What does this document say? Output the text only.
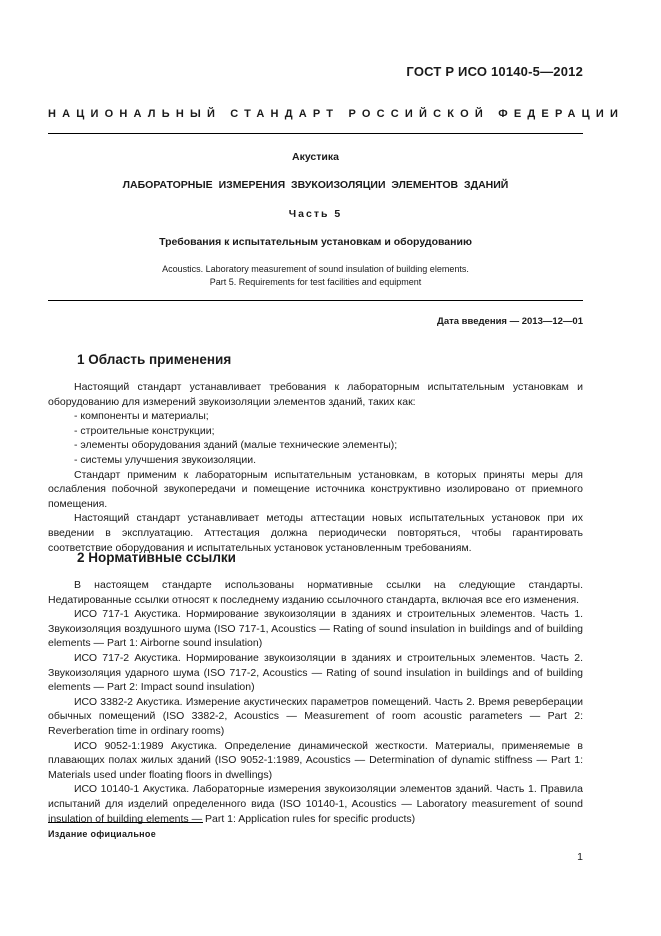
ГОСТ Р ИСО 10140-5—2012
НАЦИОНАЛЬНЫЙ СТАНДАРТ РОССИЙСКОЙ ФЕДЕРАЦИИ
Акустика
ЛАБОРАТОРНЫЕ ИЗМЕРЕНИЯ ЗВУКОИЗОЛЯЦИИ ЭЛЕМЕНТОВ ЗДАНИЙ
Часть 5
Требования к испытательным установкам и оборудованию
Acoustics. Laboratory measurement of sound insulation of building elements.
Part 5. Requirements for test facilities and equipment
Дата введения — 2013—12—01
1 Область применения

Настоящий стандарт устанавливает требования к лабораторным испытательным установкам и оборудованию для измерений звукоизоляции элементов зданий, таких как:

- компоненты и материалы;

- строительные конструкции;

- элементы оборудования зданий (малые технические элементы);

- системы улучшения звукоизоляции.

Стандарт применим к лабораторным испытательным установкам, в которых приняты меры для ослабления побочной звукопередачи и помещение источника конструктивно изолировано от приемного помещения.

Настоящий стандарт устанавливает методы аттестации новых испытательных установок при их введении в эксплуатацию. Аттестация должна периодически повторяться, чтобы гарантировать соответствие оборудования и испытательных установок установленным требованиям.

2 Нормативные ссылки

В настоящем стандарте использованы нормативные ссылки на следующие стандарты. Недатированные ссылки относят к последнему изданию ссылочного стандарта, включая все его изменения.

ИСО 717-1 Акустика. Нормирование звукоизоляции в зданиях и строительных элементов. Часть 1. Звукоизоляция воздушного шума (ISO 717-1, Acoustics — Rating of sound insulation in buildings and of building elements — Part 1: Airborne sound insulation)

ИСО 717-2 Акустика. Нормирование звукоизоляции в зданиях и строительных элементов. Часть 2. Звукоизоляция ударного шума (ISO 717-2, Acoustics — Rating of sound insulation in buildings and of building elements — Part 2: Impact sound insulation)

ИСО 3382-2 Акустика. Измерение акустических параметров помещений. Часть 2. Время реверберации обычных помещений (ISO 3382-2, Acoustics — Measurement of room acoustic parameters — Part 2: Reverberation time in ordinary rooms)

ИСО 9052-1:1989 Акустика. Определение динамической жесткости. Материалы, применяемые в плавающих полах жилых зданий (ISO 9052-1:1989, Acoustics — Determination of dynamic stiffness — Part 1: Materials used under floating floors in dwellings)

ИСО 10140-1 Акустика. Лабораторные измерения звукоизоляции элементов зданий. Часть 1. Правила испытаний для изделий определенного вида (ISO 10140-1, Acoustics — Laboratory measurement of sound insulation of building elements — Part 1: Application rules for specific products)

Издание официальное
1
